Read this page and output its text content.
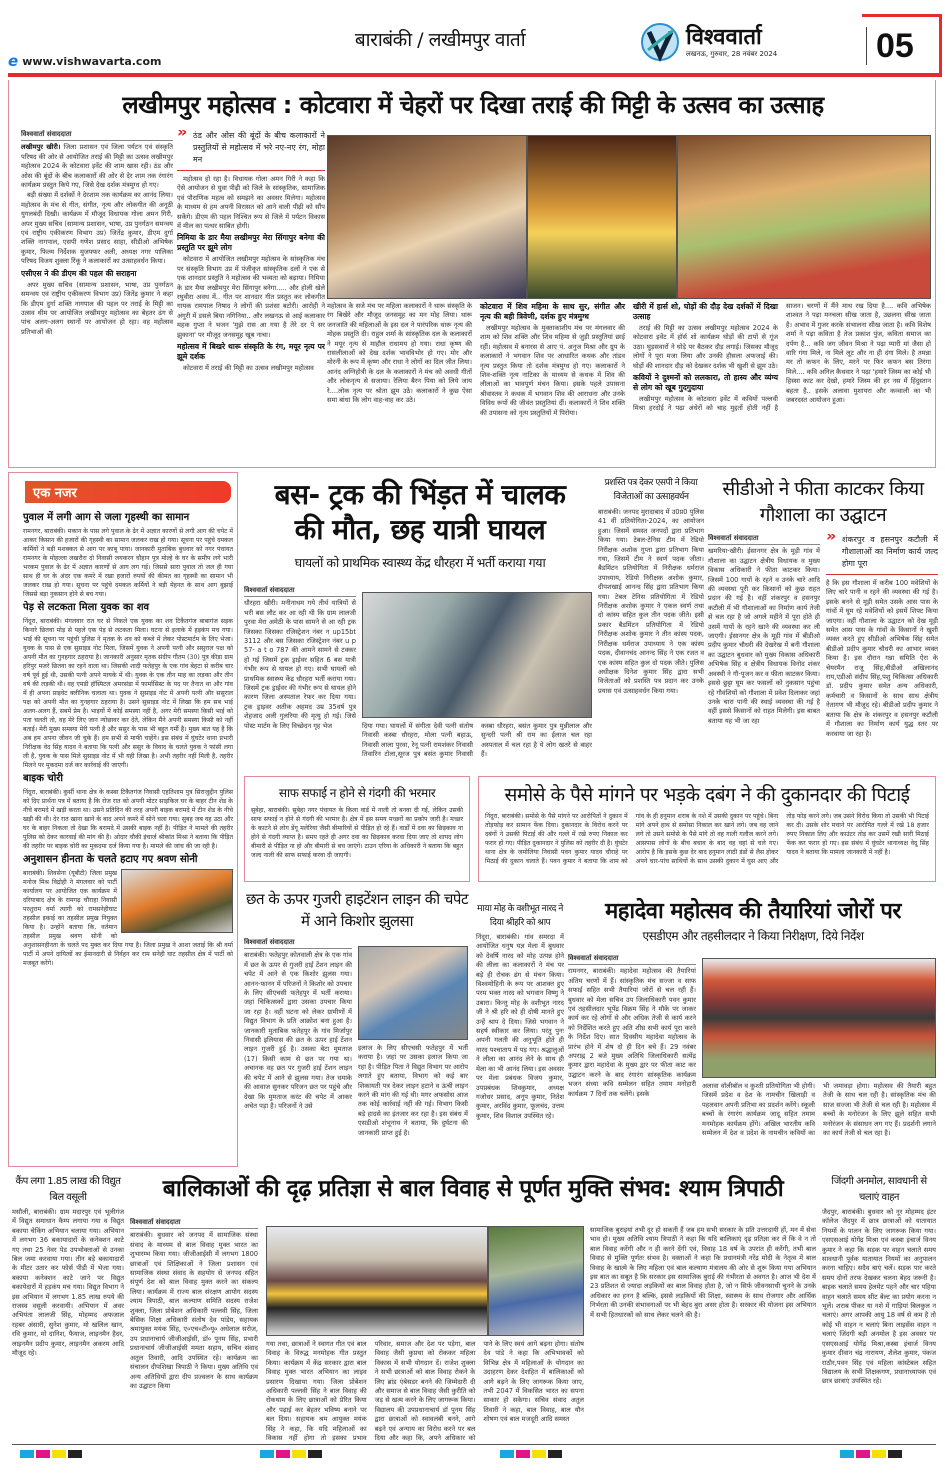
e www.vishwavarta.com
बाराबंकी / लखीमपुर वार्ता	विश्ववार्ता
लखनऊ, गुरुवार, 28 नवंबर 2024	05
लखीमपुर महोत्सव : कोटवारा में चेहरों पर दिखा तराई की मिट्टी के उत्सव का उत्साह
विश्ववार्ता संवाददाता

लखीमपुर खीरी। जिला प्रशासन एवं जिला पर्यटन एवं संस्कृति परिषद की ओर से आयोजित तराई की मिट्टी का उत्सव लखीमपुर महोत्सव 2024 के कोटवारा इवेंट की शाम खास रही। ठंड और ओस की बूंदों के बीच कलाकारों की ओर से देर शाम तक रंगारंग कार्यक्रम प्रस्तुत किये गए, जिसे देख दर्शक मंत्रमुग्ध हो गए।

बड़ी संख्या में दर्शकों ने देरशाम तक कार्यक्रम का आनंद लिया। महोत्सव के मंच से गीत, संगीत, नृत्य और लोकगीत की अनूठी युगलबंदी दिखी। कार्यक्रम में मौजूद विधायक गोला अमन गिरी, अपर मुख्य सचिव (सामान्य प्रशासन, भाषा, उप्र पुनर्गठन समन्वय एवं राष्ट्रीय एकीकरण विभाग उप्र) जितेंद्र कुमार, डीएम दुर्गा शक्ति नागपाल, एसपी गणेश प्रसाद साहा, सीडीओ अभिषेक कुमार, फिल्म निर्देशक मुजफ्फर अली, अध्यक्ष नगर पालिका परिषद विजय शुक्ला रिंकू ने कलाकारों का उत्साहवर्धन किया।

एसीएस ने की डीएम की पहल की सराहना

अपर मुख्य सचिव (सामान्य प्रशासन, भाषा, उप्र पुनर्गठन समन्वय एवं राष्ट्रीय एकीकरण विभाग उप्र) जितेंद्र कुमार ने कहा कि डीएम दुर्गा शक्ति नागपाल की पहल पर तराई के मिट्टी का उत्सव थीम पर आयोजित लखीमपुर महोत्सव का बेहतर ढंग से पांच अलग-अलग स्थानों पर आयोजन हो रहा। वह महोत्सव प्रतिभाओं की

» ठंड और ओस की बूंदों के बीच कलाकारों ने प्रस्तुतियों से महोत्सव में भरे नए-नए रंग, मोहा मन

महोत्सव हो रहा है। विधायक गोला अमन गिरी ने कहा कि ऐसे आयोजन से युवा पीढ़ी को जिले के सांस्कृतिक, सामाजिक एवं पौराणिक महत्व को समझने का अवसर मिलेगा। महोत्सव के माध्यम से हम अपनी विरासत को आने वाली पीढ़ी को सौंप सकेंगे। डीएम की पहल निश्चित रूप से जिले में पर्यटन विकास में मील का पत्थर साबित होगी।

निमिया के डार मैया लखीमपुर मेरा सिंगापुर बनेगा की प्रस्तुति पर झूमे लोग

कोटवारा में आयोजित लखीमपुर महोत्सव के सांस्कृतिक मंच पर संस्कृति विभाग उप्र में पंजीकृत सांस्कृतिक दलों ने एक से एक शानदार प्रस्तुति ने महोत्सव की भव्यता को बढ़ाया। निमिया के डार मैया लखीमपुर मेरा सिंगापुर बनेगा..... और होली खेले रघुवीरा अवध में.. गीत पर शानदार गीत प्रस्तुत कर लोकगीत गायक रामपाल निषाद ने लोगों की प्रशंसा बटोरी। आरोही ने अंगुरी में डसले बिया नगिनिया.. और लखनऊ से आई कलाकार महक गुप्ता ने भजन 'मुझे रास आ गया है तेरे दर पे सर झुकाना' पर मौजूद जनसमूह खूब नाचा।

महोत्सव में बिखरे थारू संस्कृति के रंग, मयूर नृत्य पर झूमे दर्शक

कोटवारा में तराई की मिट्टी का उत्सव लखीमपुर महोत्सव

महोत्सव के सजे मंच पर महिला कलाकारों ने थारू संस्कृति के रंग बिखेरे और मौजूद जनसमूह का मन मोह लिया। थारू जनजाति की महिलाओं के इस दल ने पारंपरिक थारू नृत्य की मोहक प्रस्तुति दी। राहुल शर्मा के सांस्कृतिक दल के कलाकारों ने मयूर नृत्य से माहौल राधामय हो गया। राधा कृष्ण की रासलीलाओं को देख दर्शक भावविभोर हो गए। मोर और मोरनी के रूप में कृष्ण और राधा ने लोगों का दिल जीत लिया। आनंद अग्निहोत्री के दल के कलाकारों ने मंच को अवधी गीतों और लोकनृत्य से सजाया। रेलिया बैरन पिया को लिये जाय रे....लोक नृत्य पर श्रोता झूम उठे। कलाकारों ने कुछ ऐसा समा बांधा कि लोग वाह-वाह कर उठे।

कोटवारा में शिव महिमा के साथ सुर, संगीत और नृत्य की बही त्रिवेणी, दर्शक हुए मंत्रमुग्ध

लखीमपुर महोत्सव के मुक्ताकाशीय मंच पर मंगलवार की शाम को शिव शक्ति और शिव महिमा से जुड़ी प्रस्तुतियां छाई रहीं। महोत्सव में बनारस से आए पं. अनुज मिश्रा और ग्रुप के कलाकारों ने भगवान शिव पर आधारित कथक और तांडव नृत्य प्रस्तुत किया तो दर्शक मंत्रमुग्ध हो गए। कलाकारों ने शिव-शक्ति नृत्य नाटिका के माध्यम से कथक में शिव की लीलाओं का भावपूर्ण मंचन किया। इसके पहले उपासना श्रीवास्तव ने कथक में भगवान शिव की आराधना और उनके विविध रूपों की जीवंत प्रस्तुतियां दीं। कलाकारों ने शिव शक्ति की उपासना को नृत्य प्रस्तुतियों में पिरोया।

खीरी में हार्स शो, घोड़ों की दौड़ देख दर्शकों में दिखा उत्साह

तराई की मिट्टी का उत्सव लखीमपुर महोत्सव 2024 के कोटवारा इवेंट में हॉर्स शो कार्यक्रम घोड़ों की टापों से गूंज उठा। घुड़सवारों ने घोड़े पर बैठकर दौड़ लगाई। जिसका मौजूद लोगों ने पूरा मजा लिया और उनकी हौसला अफजाई की। घोड़ों की शानदार दौड़ को देखकर दर्शक भी खुशी से झूम उठे।

कवियों ने दुश्मनों को ललकारा, तो हास्य और व्यंग्य से लोग को खूब गुदगुदाया

लखीमपुर महोत्सव के कोटवारा इवेंट में कवियों पल्लवी मिश्रा हरदोई ने पढ़ा अंधेरों को चाह मुद्दतों होती नहीं है साजन। चरणों में मैंने माथ रख दिया है.... कवि अभिषेक शाश्वत ने पढ़ा मनचला सीख जाता है, उछलना सीख जाता है। अभाव में गुजर करके संभालना सीख जाता है। कवि विशेष शर्मा ने पढ़ा कविता है तेज प्रकाश पुंज, कविता समाज का दर्पण है... कवि जग जीवन मिश्रा ने पढ़ा प्यारी मां जैसा हो वारि गंगा मिले, ना मिले लूट और ना ही दंगा मिले। है तमन्ना मर तो कफन के लिए, मरने पर फिर कफन बस तिरंगा मिले.... कवि अनिल कैथवार ने पढ़ा 'हमारे जिस्म का कोई भी हिस्सा काट कर देखो, हमारे जिस्म की हर नस में हिंदुस्तान बहता है.. इसके अलावा मुशायरा और कव्वाली का भी जबरदस्त आयोजन हुआ।

एक नजर
पुवाल में लगी आग से जला गृहस्थी का सामान

रामनगर, बाराबंकी। मकान के पास लगे पुवाल के ढेर में अज्ञात कारणों से लगी आग की चपेट में आकर किसान की हजारों की गृहस्थी का सामान जलकर राख हो गया। सूचना पर पहुंचे दमकल कर्मियों ने बड़ी मशक्कत से आग पर काबू पाया। जानकारी मुताबिक बुधवार को नगर पंचायत रामनगर के मोहल्ला लखरौरा दो निवासी जयकरन चौहान पुत्र मोल्हे के घर के समीप लगे भारी भरकम पुवाल के ढेर में अज्ञात कारणों से आग लग गई। जिससे सारा पुवाल तो जल ही गया साथ ही घर के अंदर एक कमरे में रखा हजारों रुपयों की कीमत का गृहस्थी का सामान भी जलकर राख हो गया। सूचना पर पहुंचे दमकल कर्मियों ने बड़ी मेहनत के साथ आग बुझाई जिससे बड़ा नुकसान होने से बच गया।

पेड़ से लटकता मिला युवक का शव

निंदूरा, बाराबंकी। मंगलवार रात घर से निकले एक युवक का शव टिकैतगंज बाबागंज सड़क किनारे छितवा मोड़ से पहले एक पेड़ से लटकता मिला। घटना से इलाके में हड़कंप मच गया। भाई की सूचना पर पहुंची पुलिस ने मृतक के शव को कब्जे में लेकर पोस्टमार्टम के लिए भेजा। युवक के पास से एक सुसाइड नोट मिला, जिसमें युवक ने अपनी पत्नी और ससुराल पक्ष को अपनी मौत का गुनहगार ठहराया है। जानकारी अनुसार मृतक संदीप गौतम (30) पुत्र कीड़ा ग्राम हरिपुर मजरे छितवा का रहने वाला था। जिसकी शादी फतेहपुर के एक गांव बेहटा से करीब चार वर्ष पूर्व हुई थी, उसकी पत्नी अपने मायके में थी। युवक के एक तीन माह का लड़का और तीन वर्ष की लड़की थी। वह एमडी हॉस्पिटल अमरसंडा में फार्मासिस्ट के पद पर तैनात था और गांव में ही अपना प्राइवेट क्लीनिक चलाता था। युवक ने सुसाइड नोट में अपनी पत्नी और ससुराल पक्ष को अपनी मौत का गुनहगार ठहराया है। उसने सुसाइड नोट में लिखा कि हम सब भाई अलग-अलग हैं, सबमें प्रेम है। भाइयों में कोई समस्या नहीं है, अगर मेरी समस्या किसी भाई को पता चलती तो, वह मेरे लिए जान न्योछावर कर देते, लेकिन मैंने अपनी समस्या किसी को नहीं बताई। मेरी मुख्य समस्या मेरी पत्नी है और ससुर के पास भी बहुत गर्मी है। मुख्य बात यह है कि अब हम अपना जीवन जी चुके हैं। हम सभी से माफी चाहेंगे। इस संबंध में घुंघटेर थाना प्रभारी निरीक्षक वेद सिंह यादव ने बताया कि पत्नी और ससुर के विवाद के चलते युवक ने फांसी लगा ली है, युवक के पास मिले सुसाइड नोट में भी यही लिखा है। अभी तहरीर नहीं मिली है, तहरीर मिलने पर मुकदमा दर्ज कर कार्रवाई की जाएगी।

बाइक चोरी

निंदूरा, बाराबंकी। कुर्सी थाना क्षेत्र के कस्बा टिकैतगंज निवासी एहतिशाम पुत्र सिराजुद्दीन पुलिस को दिए प्रार्थना पत्र में बताया है कि रोज रात को अपनी मोटर साइकिल घर के बाहर टीन शेड के नीचे बरामदे में खड़ी करता था। उसने प्रतिदिन की तरह अपनी बाइक बरामदे में टीन शेड के नीचे खड़ी की थी। देर रात खाना खाने के बाद अपने कमरे में सोने चला गया। सुबह जब वह उठा और घर के बाहर निकला तो देखा कि बरामदे में उसकी बाइक नहीं है। पीड़ित ने मामले की तहरीर पुलिस को देकर कारवाई की मांग की है। ओदार चौकी इंचार्ज श्रीकांत मिश्रा ने बताया कि पीड़ित की तहरीर पर बाइक चोरी का मुकदमा दर्ज किया गया है। मामले की जांच की जा रही है।

अनुशासन हीनता के चलते हटाए गए श्रवण सोनी

बाराबंकी। शिवसेना (यूबीटी) जिला प्रमुख मनोज मिश्र विद्रोही ने मंगलवार को पार्टी कार्यालय पर आयोजित एक कार्यक्रम में दरियाबाद क्षेत्र के रामगढ़ चौराहा निवासी परशुराम वर्मा त्यागी को रामसनेहीघाट तहसील इकाई का तहसील प्रमुख नियुक्त किया है। उन्होंने बताया कि, वर्तमान तहसील प्रमुख श्रवण सोनी को अनुशासनहीनता के चलते पद मुक्त कर दिया गया है। जिला प्रमुख ने आशा जताई कि श्री वर्मा पार्टी में अपने दायित्वों का ईमानदारी से निर्वहन कर राम सनेही घाट तहसील क्षेत्र में पार्टी को मजबूत करेंगे।

बस- ट्रक की भिंड़त में चालक
की मौत, छह यात्री घायल
घायलों को प्राथमिक स्वास्थ्य केंद्र धौरहरा में भर्ती कराया गया
विश्ववार्ता संवाददाता

धौरहरा खीरी। मनीनाथम गये तीर्थ यात्रियों से भरी बस लौट कर आ रही थी कि ग्राम लालजी पुरवा मेरा अमेठी के पास सामने से आ रही ट्रक जिसका जिसका रजिस्ट्रेशन नंबर न up15bt 3112 और बस जिसका रजिस्ट्रेशन नंबर u p 57- a t o 787 की आमने सामने से टक्कर हो गई जिसमें ट्रक ड्राईवर सहित 6 बस यात्री गंभीर रूप से घायल हो गए। सभी घायलों को प्राथमिक स्वास्थ्य केंद्र धौरहरा भर्ती कराया गया। जिसमें ट्रक ड्राईवर की गंभीर रूप से घायल होने कारण जिला अस्पताल रेफर कर दिया गया। ट्रक ड्राइवर अतीक अहमद उम्र 35वर्ष पुत्र शेहजाद अली गुलरिया की मृत्यु हो गई। जिसे पोस्ट मार्टम के लिए विच्छेदन गृह भेज	दिया गया। घायलों में संगीता देवी पत्नी संतोष निवासी कस्बा धौरहरा, मोला पत्नी बहाऊ, निवासी लाला पुरवा, रेनू पत्नी रामशंकर निवासी तिवारिन टोला,सूरज पुत्र बसंत कुमार निवासी कस्बा धौरहरा, बसंत कुमार पुत्र मुन्नीलाल और सुन्दरी पत्नी श्री राम का ईलाज चल रहा अस्पताल में चल रहा है ये लोग खतरे से बाहर हैं।

प्रशस्ति पत्र देकर एसपी ने किया विजेताओं का उत्साहवर्धन
बाराबंकी। जनपद मुरादाबाद में उ0प्र0 पुलिस 41 वीं प्रतियोगिता-2024, का आयोजन हुआ। जिसमें समस्त जनपदों द्वारा प्रतिभाग किया गया। टेबल-टेनिस टीम में रेडियो निरीक्षक अशोक गुप्ता द्वारा प्रतिभाग किया गया, जिसमें टीम ने स्वर्ण पदक जीता। बैडमिंटन प्रतियोगिता में निरीक्षक धर्मराज उपाध्याय, रेडियो निरीक्षक अशोक कुमार, दीपशखाई आनन्द सिंह द्वारा प्रतिभाग किया गया। टेबल टेनिस प्रतियोगिता में रेडियो निरीक्षक अशोक कुमार ने एकल स्वर्ण तथा दो कांस्य सहित कुल तीन पदक जीते। इसी प्रकार बैडमिंटन प्रतियोगिता में रेडियो निरीक्षक अशोक कुमार ने तीन कांस्य पदक, निरीक्षक धर्मराज उपाध्याय ने एक कांस्य पदक, दीवानचंद आनन्द सिंह ने एक रजत व एक कांस्य सहित कुल दो पदक जीते। पुलिस अधीक्षक दिनेश कुमार सिंह द्वारा सभी विजेताओं को प्रशस्ति पत्र प्रदान कर उनके प्रयास एवं उत्साहवर्धन किया गया।
सीडीओ ने फीता काटकर किया गौशाला का उद्घाटन
विश्ववार्ता संवाददाता

खमरिया-खीरी। ईसानगर क्षेत्र के मूड़ी गांव में गौशाला का उद्घाटन क्षेत्रीय विधायक व मुख्य विकास अधिकारी ने फीता काटकर किया। जिसमें 100 गायों के रहने व उनके चारे आदि की व्यवस्था पूरी कर किसानों को कुछ राहत प्रदान की गई है। वहीं शंकरपुर व हसनपुर कटौली में भी गौशालाओं का निर्माण कार्य तेजी से चल रहा है जो अगले महीने में पूरा होते ही उसमें गायों के रहने खाने की व्यवस्था कर ली जाएगी। ईसानगर क्षेत्र के मूड़ी गांव में बीडीओ प्रदीप कुमार चौधरी की देखरेख में बनी गौशाला का उद्घाटन बुधवार को मुख्य विकास अधिकारी अभिषेक सिंह व क्षेत्रीय विधायक विनोद शंकर अवस्थी ने गौ-पूजन कर व फीता काटकर किया। इससे छुट्टा घूम कर फसलों को नुकसान पहुंचा रहे गौवंशियों को गौशाला में प्रवेश दिलाकर जहां उनके चारा पानी की स्थाई व्यवस्था की गई है वहीं इससे किसानों को राहत मिलेगी। इस बाबत बताया यह भी जा रहा

» शंकरपुर व हसनपुर कटौली में गौशालाओं का निर्माण कार्य जल्द होगा पूरा

है कि इस गौशाला में करीब 100 मवेशियों के लिए चारे पानी व रहने की व्यवस्था की गई है। इसके बनने से मूड़ी समेत उसके आस पास के गांवों में घूम रहे मवेशियों को इसमें शिफ्ट किया जाएगा। वहीं गौशाला के उद्घाटन को देख मूड़ी समेत आस पास के गांवों के किसानों ने खुशी व्यक्त करते हुए सीडीओ अभिषेक सिंह समेत बीडीओ प्रदीप कुमार चौधरी का आभार व्यक्त किया है। इस दौरान गन्ना समिति ऐरा के चेयरमैन राजू सिंह,बीडीओ अखिलानंद राय,एडीओ संदीप सिंह,पशु चिकित्सा अधिकारी डॉ. प्रदीप कुमार समेत अन्य अधिकारी, कर्मचारी व किसानों के साथ साथ क्षेत्रीय नेतागण भी मौजूद रहे। बीडीओ प्रदीप कुमार ने बताया कि क्षेत्र के शंकरपुर व हसनपुर कटौली में गौशाला का निर्माण कार्य युद्ध स्तर पर करवाया जा रहा है।

साफ सफाई न होने से गंदगी की भरमार
सुबेहा, बाराबंकी। सुबेहा नगर पंचायत के किला वार्ड में नाली तो बनवा दी गई, लेकिन उसकी साफ सफाई न होने से गंदगी की भरमार है। क्षेत्र में इस समय मच्छरों का प्रकोप जारी है। मच्छर के काटने से लोग डेंगू मलेरिया जैसी बीमारियों से पीड़ित हो रहे हैं। वार्डों में दवा का छिड़काव ना होने से गंदगी व्याप्त है। समय रहते ही अगर दवा का छिड़काव करवा दिया जाए तो शायद लोग बीमारी से पीड़ित ना हो और बीमारी से बच जाएंगे। टाउन एरिया के अधिकारी ने बताया कि बहुत जल्द नाली की साफ सफाई करवा दी जाएगी।
समोसे के पैसे मांगने पर भड़के दबंग ने की दुकानदार की पिटाई

निंदूरा, बाराबंकी। समोसे के पैसे मांगने पर आरोपितों ने दुकान में तोड़फोड़ कर सामान फेंक दिया। दुकानदार के विरोध करने पर दबंगों ने उसकी पिटाई की और गल्ले में रखे रुपए निकाल कर फरार हो गए। पीड़ित दुकानदार ने पुलिस को तहरीर दी है। घुंघटेर थाना क्षेत्र के जमोलिया निवासी पवन कुमार यादव चौराहे पर मिठाई की दुकान चलाते हैं। पवन कुमार ने बताया कि शाम को गांव के ही हनुमान शराब के नशे में उसकी दुकान पर पहुंचे। बिना मांगे अपने हाथ से समोसा निकाल कर खाने लगे। जब वह जाने लगे तो उसने समोसे के पैसे मांगे तो वह गाली गलौज करने लगे। आसपास लोगों के बीच बचाव के बाद वह वहां से चले गए। आरोप है कि इसके कुछ देर बाद हनुमान लाठी डंडों से लैस होकर अपने चार-पांच साथियों के साथ उसकी दुकान में घुस आए और तोड़ फोड़ करने लगे। जब उसने विरोध किया तो उसकी भी पिटाई कर दी। उसके शोर मचाने पर आरोपित गल्ले में रखे 18 हजार रुपए निकाल लिए और काउंटर तोड़ कर उसमें रखी सारी मिठाई फेंक कर फरार हो गए। इस संबंध में घुंघटेर थानाध्यक्ष वेदू सिंह यादव ने बताया कि मामला जानकारी में नहीं है।

छत के ऊपर गुजरी हाइटेंशन लाइन की चपेट में आने किशोर झुलसा
विश्ववार्ता संवाददाता

बाराबंकी। फतेहपुर कोतवाली क्षेत्र के एक गांव में छत के ऊपर से गुजरी हाई टेंशन लाइन की चपेट में आने से एक किशोर झुलस गया। आनन-फानन में परिजनों ने किशोर को उपचार के लिए सीएचसी फतेहपुर में भर्ती कराया। जहां चिकित्सकों द्वारा उसका उपचार किया जा रहा है। वहीं घटना को लेकर ग्रामीणों में विद्युत विभाग के प्रति आक्रोश बना हुआ है। जानकारी मुताबिक फतेहपुर के गांव मिर्जापुर निवासी इलियास की छत के ऊपर हाई टेंशन लाइन गुजरी हुई है। उसका बेटा मुमताज (17) किसी काम से छत पर गया था। अचानक वह छत पर गुजरी हाई टेंशन लाइन की चपेट में आने से झुलस गया। तेज धमाके की आवाज सुनकर परिजन छत पर पहुंचे और देखा कि मुमताज करंट की चपेट में आकर अचेत पड़ा है। परिजनों ने उसे

इलाज के लिए सीएचसी फतेहपुर में भर्ती कराया है। जहां पर उसका इलाज किया जा रहा है। पीड़ित पिता ने विद्युत विभाग पर आरोप लगाते हुए बताया, विभाग को कई बार शिकायती पत्र देकर लाइन हटाने व ऊंची लाइन करने की मांग की गई थी। मगर अफसोस आज तक कोई कार्रवाई नहीं की गई। विभाग किसी बड़े हादसे का इंतजार कर रहा है। इस संबंध में एसडीओ शंभूनाथ ने बताया, कि दुर्घटना की जानकारी प्राप्त हुई है।

माया मोह के वशीभूत नारद ने दिया श्रीहरि को श्राप
निंदूरा, बाराबंकी। गांव समरदा में आयोजित धनुष यज्ञ मेला में बुधवार को देवर्षि नारद को मोह उत्पन्न होने की लीला का कलाकारों ने मंच पर बड़े ही रोचक ढंग से मंचन किया। विश्वमोहिनी के रूप पर आशक्त हुए परम भक्त नारद को भगवान विष्णु ने उबारा। किन्तु मोह के वशीभूत नारद जी ने श्री हरि को ही दोषी मानते हुए उन्हें श्राप दे दिया। जिसे भगवान ने सहर्ष स्वीकार कर लिया। परंतु पुनः अपनी गलती की अनुभूति होते ही नारद पश्चाताप में पड़ गए। श्रद्धालुओं ने लीला का आनंद लेने के साथ ही मेला का भी आनंद लिया। इस अवसर पर मेला प्रबंधक विजय कुमार, उपप्रबंधक शिवकुमार, अध्यक्ष गजोधर प्रसाद, अनूप कुमार, नितेश कुमार, अरविंद कुमार, फूलचंद, उत्तम कुमार, शिव विशाल उपस्थित रहे।
महादेवा महोत्सव की तैयारियां जोरों पर
एसडीएम और तहसीलदार ने किया निरीक्षण, दिये निर्देश
विश्ववार्ता संवाददाता

रामनगर, बाराबंकी। महादेवा महोत्सव की तैयारियां अंतिम चरणों में हैं। सांस्कृतिक मंच सज्जा व साफ सफाई सहित सभी तैयारियां जोरों से चल रही हैं। बुधवार को मेला सचिव उप जिलाधिकारी पवन कुमार एवं तहसीलदार भूपेंद्र विक्रम सिंह ने मौके पर जाकर कार्य कर रहे लोगों से और अधिक तेजी से कार्य करने को निर्देशित करते हुए अति शीघ्र सभी कार्य पूरा करने के निर्देश दिए। सात दिवसीय महादेवा महोत्सव के प्रारंभ होने में शेष दो ही दिन बचे हैं। 29 नवंबर अपराह्न 2 बजे मुख्य अतिथि जिलाधिकारी सत्येंद्र कुमार द्वारा महादेवा के मुख्य द्वार पर फीता काट कर उद्घाटन करने के बाद रंगारंग सांस्कृतिक कार्यक्रम भजन संध्या कवि सम्मेलन सहित तमाम मनोहारी कार्यक्रम 7 दिनों तक चलेंगे। इसके

अलावा वॉलीबॉल व कुश्ती प्रतियोगिता भी होगी। जिसमें प्रदेश व देश के नामचीन खिलाड़ी व पहलवान अपनी प्रतिभा का प्रदर्शन करेंगे। स्कूली बच्चों के रंगारंग कार्यक्रम जादू सहित तमाम मनमोहक कार्यक्रम होंगे। अखिल भारतीय कवि सम्मेलन में देश व प्रदेश के नामचीन कवियों का भी जमावड़ा होगा। महोत्सव की तैयारी बहुत तेजी के साथ चल रही है। सांस्कृतिक मंच की साज सज्जा भी तेजी से चल रही है। महोत्सव में बच्चों के मनोरंजन के लिए झूले सहित सभी मनोरंजन के संसाधन लग गए हैं। प्रदर्शनी लगाने का कार्य तेजी से चल रहा है।

कैंप लगा 1.85 लाख की विद्युत बिल वसूली
मसौली, बाराबंकी। ग्राम मदारपुर एवं भूलीगंज में विद्युत समाधान कैम्प लगाया गया व विद्युत बकाया चेकिंग अभियान चलाया गया। अभियान में लगभग 36 बकायादारों के कनेक्शन काटे गए तथा 25 नेवर पेड उपभोक्ताओं से उनका बिल जमा करवाया गया। तीन बड़े बकायादारों के मीटर उतार कर फोर्स पीडी में भेजा गया। बकाया कनेक्शन काटे जाने पर विद्युत बकायेदारों में हड़कंप मच गया। विद्युत विभाग ने इस अभियान में लगभग 1.85 लाख रुपये की राजस्व वसूली करवायी। अभियान में अवर अभियंता लालजी सिंह, मोहम्मद अफजाल रहबर अंसारी, सुनेश कुमार, मो खलिल खान, रवि कुमार, मो दानिश, फैयाज, लाइनमैन हैदर, लाइनमैन प्रदीप कुमार, लाइनमैन अकरम आदि मौजूद रहे।
बालिकाओं की दृढ़ प्रतिज्ञा से बाल विवाह से पूर्णत मुक्ति संभव: श्याम त्रिपाठी
विश्ववार्ता संवाददाता

बाराबंकी। बुधवार को जनपद में सामाजिक संस्था संवाद के माध्यम से बाल विवाह मुक्त भारत का शुभारम्भ किया गया। जीजीआईसी में लगभग 1800 छात्राओं एवं शिक्षिकाओं ने जिला प्रशासन एवं सामाजिक संस्था संवाद के सहयोग से जनपद सहित संपूर्ण देश को बाल विवाह मुक्त करने का संकल्प लिया। कार्यक्रम में राज्य बाल संरक्षण आयोग सदस्य श्याम त्रिपाठी, बाल कल्याण समिति सदस्य राजेश शुक्ला, जिला प्रोबेशन अधिकारी पल्लवी सिंह, जिला बेसिक शिक्षा अधिकारी संतोष देव पांडेय, सहायक श्रमायुक्त मयंक सिंह, ए०एच०टी०यू० अधेलाल सरोज, उप प्रधानाचार्य जीजीआईसी, डॉ० पूनम सिंह, प्रभारी प्रधानाचार्य जीजीआईसी ममता सहाय, सचिव संवाद अतुल तिवारी, आदि उपस्थित रहे। कार्यक्रम का संचालन दीपशिखा त्रिपाठी ने किया। मुख्य अतिथि एवं अन्य अतिथियों द्वारा दीप प्रज्वलन के साथ कार्यक्रम का उद्घाटन किया

गया तथा, छात्राओं ने स्वागत गीत एवं बाल विवाह के विरुद्ध मनमोहक गीत प्रस्तुत किया। कार्यक्रम में केंद्र सरकार द्वारा बाल विवाह मुक्त भारत अभियान का लाइव प्रसारण दिखाया गया। जिला प्रोबेशन अधिकारी पल्लवी सिंह ने बाल विवाह की रोकथाम के लिए छात्राओं को प्रेरित किया और पढ़ाई कर बेहतर भविष्य बनाने पर बल दिया। सहायक श्रम आयुक्त मयंक सिंह ने कहा, कि यदि महिलाओं का विकास नहीं होगा तो इसका प्रभाव परिवार, समाज और देश पर पड़ेगा, बाल विवाह जैसी कुप्रथा को रोककर महिला विकास में सभी योगदान दें। राजेश शुक्ला ने सभी छात्राओं को बाल विवाह रोकने के लिए ब्रांड एंबेसडर बनने की जिम्मेदारी दी और समाज से बाल विवाह जैसी कुरीति को जड़ से खत्म करने के लिए जागरूक किया। विद्यालय की उपप्रधानाचार्य डॉ पूनम सिंह द्वारा छात्राओं को स्वावलंबी बनने, आगे बढ़ने एवं अन्याय का विरोध करने पर बल दिया और कहा कि, अपने अधिकार को पाने के लिए स्वयं आगे बढ़ना होगा। संतोष देव पांडे ने कहा कि अभिभावकों को विभिन्न क्षेत्र में महिलाओं के योगदान का उदाहरण देकर देशहित में बालिकाओं को आगे बढ़ने के लिए जागरूक किया जाए, तभी 2047 में विकसित भारत का सपना साकार हो सकेगा। सचिव संवाद अतुल तिवारी ने कहा, बाल विवाह, बाल यौन शोषण एवं बाल मजदूरी आदि समस्त

सामाजिक बुराइयां तभी दूर हो सकती हैं जब हम सभी सरकार के प्रति उत्तरदायी हों, मन में सेवा भाव हो। मुख्य अतिथि श्याम त्रिपाठी ने कहा कि यदि बालिकाएं दृढ़ प्रतिज्ञा कर लें कि वे न तो बाल विवाह करेंगी और न ही करने देंगी एवं, विवाह 18 वर्ष के उपरांत ही करेंगी, तभी बाल विवाह से मुक्ति पूर्णतः संभव है। वक्ताओं ने कहा कि प्रधानमंत्री नरेंद्र मोदी के नेतृत्व में बाल विवाह के खात्मे के लिए महिला एवं बाल कल्याण मंत्रालय की ओर से शुरू किया गया अभियान इस बात का सबूत है कि सरकार इस सामाजिक बुराई की गंभीरता से अवगत है। आज भी देश में 23 प्रतिशत से ज्यादा लड़कियों का बाल विवाह होता है, जो न सिर्फ जीवनसाथी चुनने के उनके अधिकार का हनन है बल्कि, इससे लड़कियों की शिक्षा, स्वास्थ्य के साथ रोजगार और आर्थिक निर्भरता की उनकी संभावनाओं पर भी बेहद बुरा असर होता है। सरकार की योजना इस अभियान में सभी हितधारकों को साथ लेकर चलने की है।

जिंदगी अनमोल, सावधानी से चलाएं वाहन
जैदपुर, बाराबंकी। बुधवार को नूर मोहम्मद इंटर कॉलेज जैदपुर में छात्र छात्राओं को यातायात नियमों के पालन के लिए जागरूक किया गया। एसएसआई योगेंद्र मिश्रा एवं कस्बा इंचार्ज विनय कुमार ने कहा कि सड़क पर वाहन चलाते समय सावधानी पूर्वक यातायात नियमों का अनुपालन करना चाहिए। सदैव बाएं चलें। सड़क पार करते समय दोनों तरफ देखकर चलना बेहद जरूरी है। बाइक चलाते समय हेलमेट पहने और चार पहिया वाहन चलाते समय सीट बेल्ट का प्रयोग करना न भूलें। शराब पीकर या नशे में गाड़ियां बिलकुल न चलाएं। अगर आपकी आयु 18 वर्ष से कम है तो कोई भी वाहन न चलाएं बिना लाइसेंस वाहन न चलाएं जिंदगी बड़ी अनमोल है इस अवसर पर एसएसआई योगेंद्र मिश्रा,कस्बा इंचार्ज विनय कुमार दीवान चंद्र नारायण, शैलेश कुमार, पंकज राठौर,पवन सिंह एवं महिला कांस्टेबल सहित विद्यालय के सभी शिक्षकगण, प्रधानाध्यापक एवं छात्र छात्राएं उपस्थित रहे।
